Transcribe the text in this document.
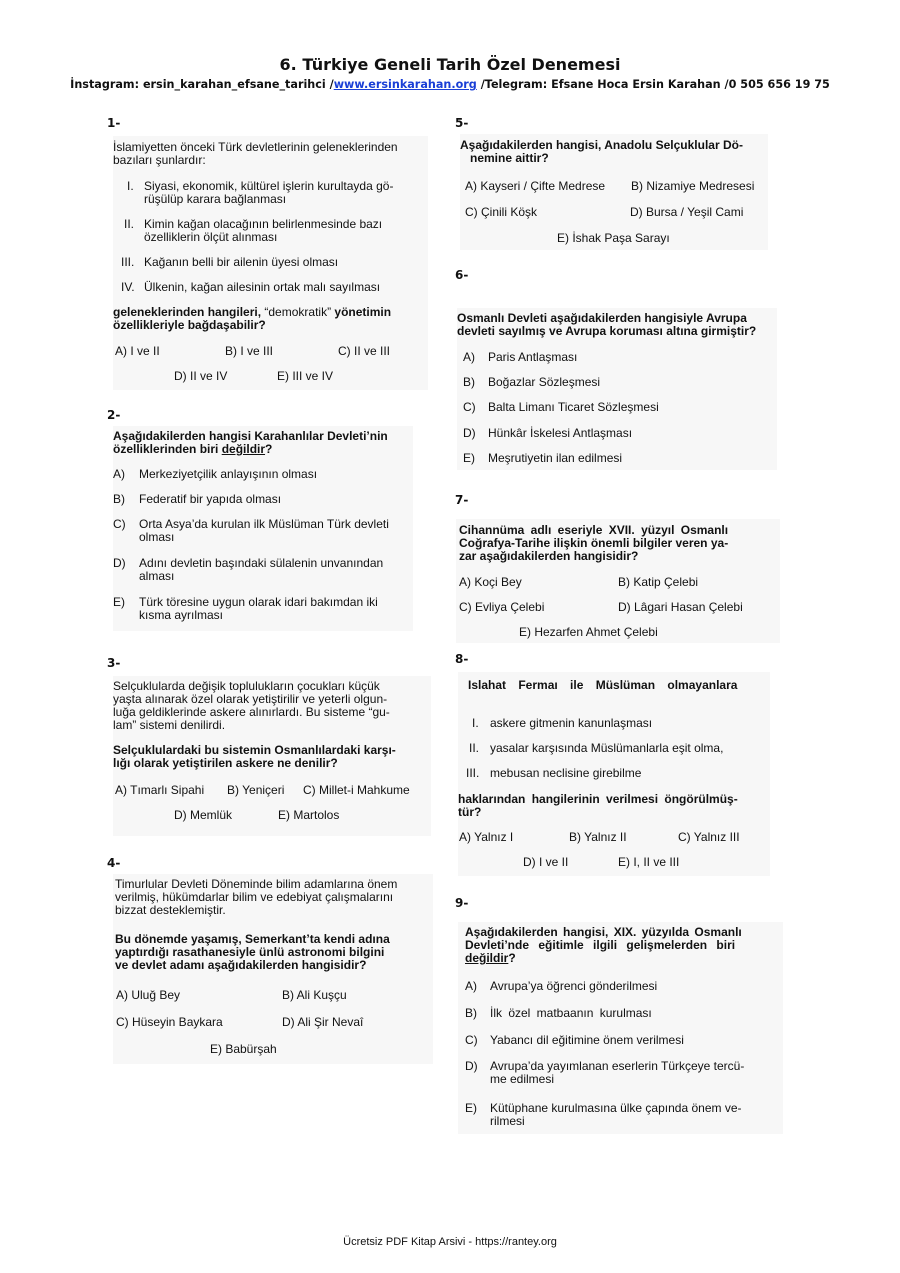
6. Türkiye Geneli Tarih Özel Denemesi
İnstagram: ersin_karahan_efsane_tarihci /www.ersinkarahan.org /Telegram: Efsane Hoca Ersin Karahan /0 505 656 19 75
1-
İslamiyetten önceki Türk devletlerinin geleneklerinden
bazıları şunlardır:
I. Siyasi, ekonomik, kültürel işlerin kurultayda gö-
rüşülüp karara bağlanması
II. Kimin kağan olacağının belirlenmesinde bazı
özelliklerin ölçüt alınması
III. Kağanın belli bir ailenin üyesi olması
IV. Ülkenin, kağan ailesinin ortak malı sayılması
geleneklerinden hangileri, “demokratik” yönetimin
özellikleriyle bağdaşabilir?
A) I ve II	B) I ve III	C) II ve III
D) II ve IV	E) III ve IV
2-
Aşağıdakilerden hangisi Karahanlılar Devleti’nin
özelliklerinden biri değildir?
A) Merkeziyetçilik anlayışının olması
B) Federatif bir yapıda olması
C) Orta Asya’da kurulan ilk Müslüman Türk devleti
olması
D) Adını devletin başındaki sülalenin unvanından
alması
E) Türk töresine uygun olarak idari bakımdan iki
kısma ayrılması
3-
Selçuklularda değişik toplulukların çocukları küçük
yaşta alınarak özel olarak yetiştirilir ve yeterli olgun-
luğa geldiklerinde askere alınırlardı. Bu sisteme “gu-
lam” sistemi denilirdi.
Selçuklulardaki bu sistemin Osmanlılardaki karşı-
lığı olarak yetiştirilen askere ne denilir?
A) Tımarlı Sipahi B) Yeniçeri C) Millet-i Mahkume
D) Memlük	E) Martolos
4-
Timurlular Devleti Döneminde bilim adamlarına önem
verilmiş, hükümdarlar bilim ve edebiyat çalışmalarını
bizzat desteklemiştir.
Bu dönemde yaşamış, Semerkant’ta kendi adına
yaptırdığı rasathanesiyle ünlü astronomi bilgini
ve devlet adamı aşağıdakilerden hangisidir?
A) Uluğ Bey	B) Ali Kuşçu
C) Hüseyin Baykara	D) Ali Şir Nevaî
E) Babürşah
5-
Aşağıdakilerden hangisi, Anadolu Selçuklular Dö-
nemine aittir?
A) Kayseri / Çifte Medrese B) Nizamiye Medresesi
C) Çinili Köşk	D) Bursa / Yeşil Cami
E) İshak Paşa Sarayı
6-
Osmanlı Devleti aşağıdakilerden hangisiyle Avrupa
devleti sayılmış ve Avrupa koruması altına girmiştir?
A) Paris Antlaşması
B) Boğazlar Sözleşmesi
C) Balta Limanı Ticaret Sözleşmesi
D) Hünkâr İskelesi Antlaşması
E) Meşrutiyetin ilan edilmesi
7-
Cihannüma adlı eseriyle XVII. yüzyıl Osmanlı
Coğrafya-Tarihe ilişkin önemli bilgiler veren ya-
zar aşağıdakilerden hangisidir?
A) Koçi Bey	B) Katip Çelebi
C) Evliya Çelebi	D) Lâgari Hasan Çelebi
E) Hezarfen Ahmet Çelebi
8-
Islahat Fermaı ile Müslüman olmayanlara
I. askere gitmenin kanunlaşması
II. yasalar karşısında Müslümanlarla eşit olma,
III. mebusan neclisine girebilme
haklarından hangilerinin verilmesi öngörülmüş-
tür?
A) Yalnız I	B) Yalnız II	C) Yalnız III
D) I ve II	E) I, II ve III
9-
Aşağıdakilerden hangisi, XIX. yüzyılda Osmanlı
Devleti’nde eğitimle ilgili gelişmelerden biri
değildir?
A) Avrupa’ya öğrenci gönderilmesi
B) İlk özel matbaanın kurulması
C) Yabancı dil eğitimine önem verilmesi
D) Avrupa’da yayımlanan eserlerin Türkçeye tercü-
me edilmesi
E) Kütüphane kurulmasına ülke çapında önem ve-
rilmesi
Ücretsiz PDF Kitap Arsivi - https://rantey.org
